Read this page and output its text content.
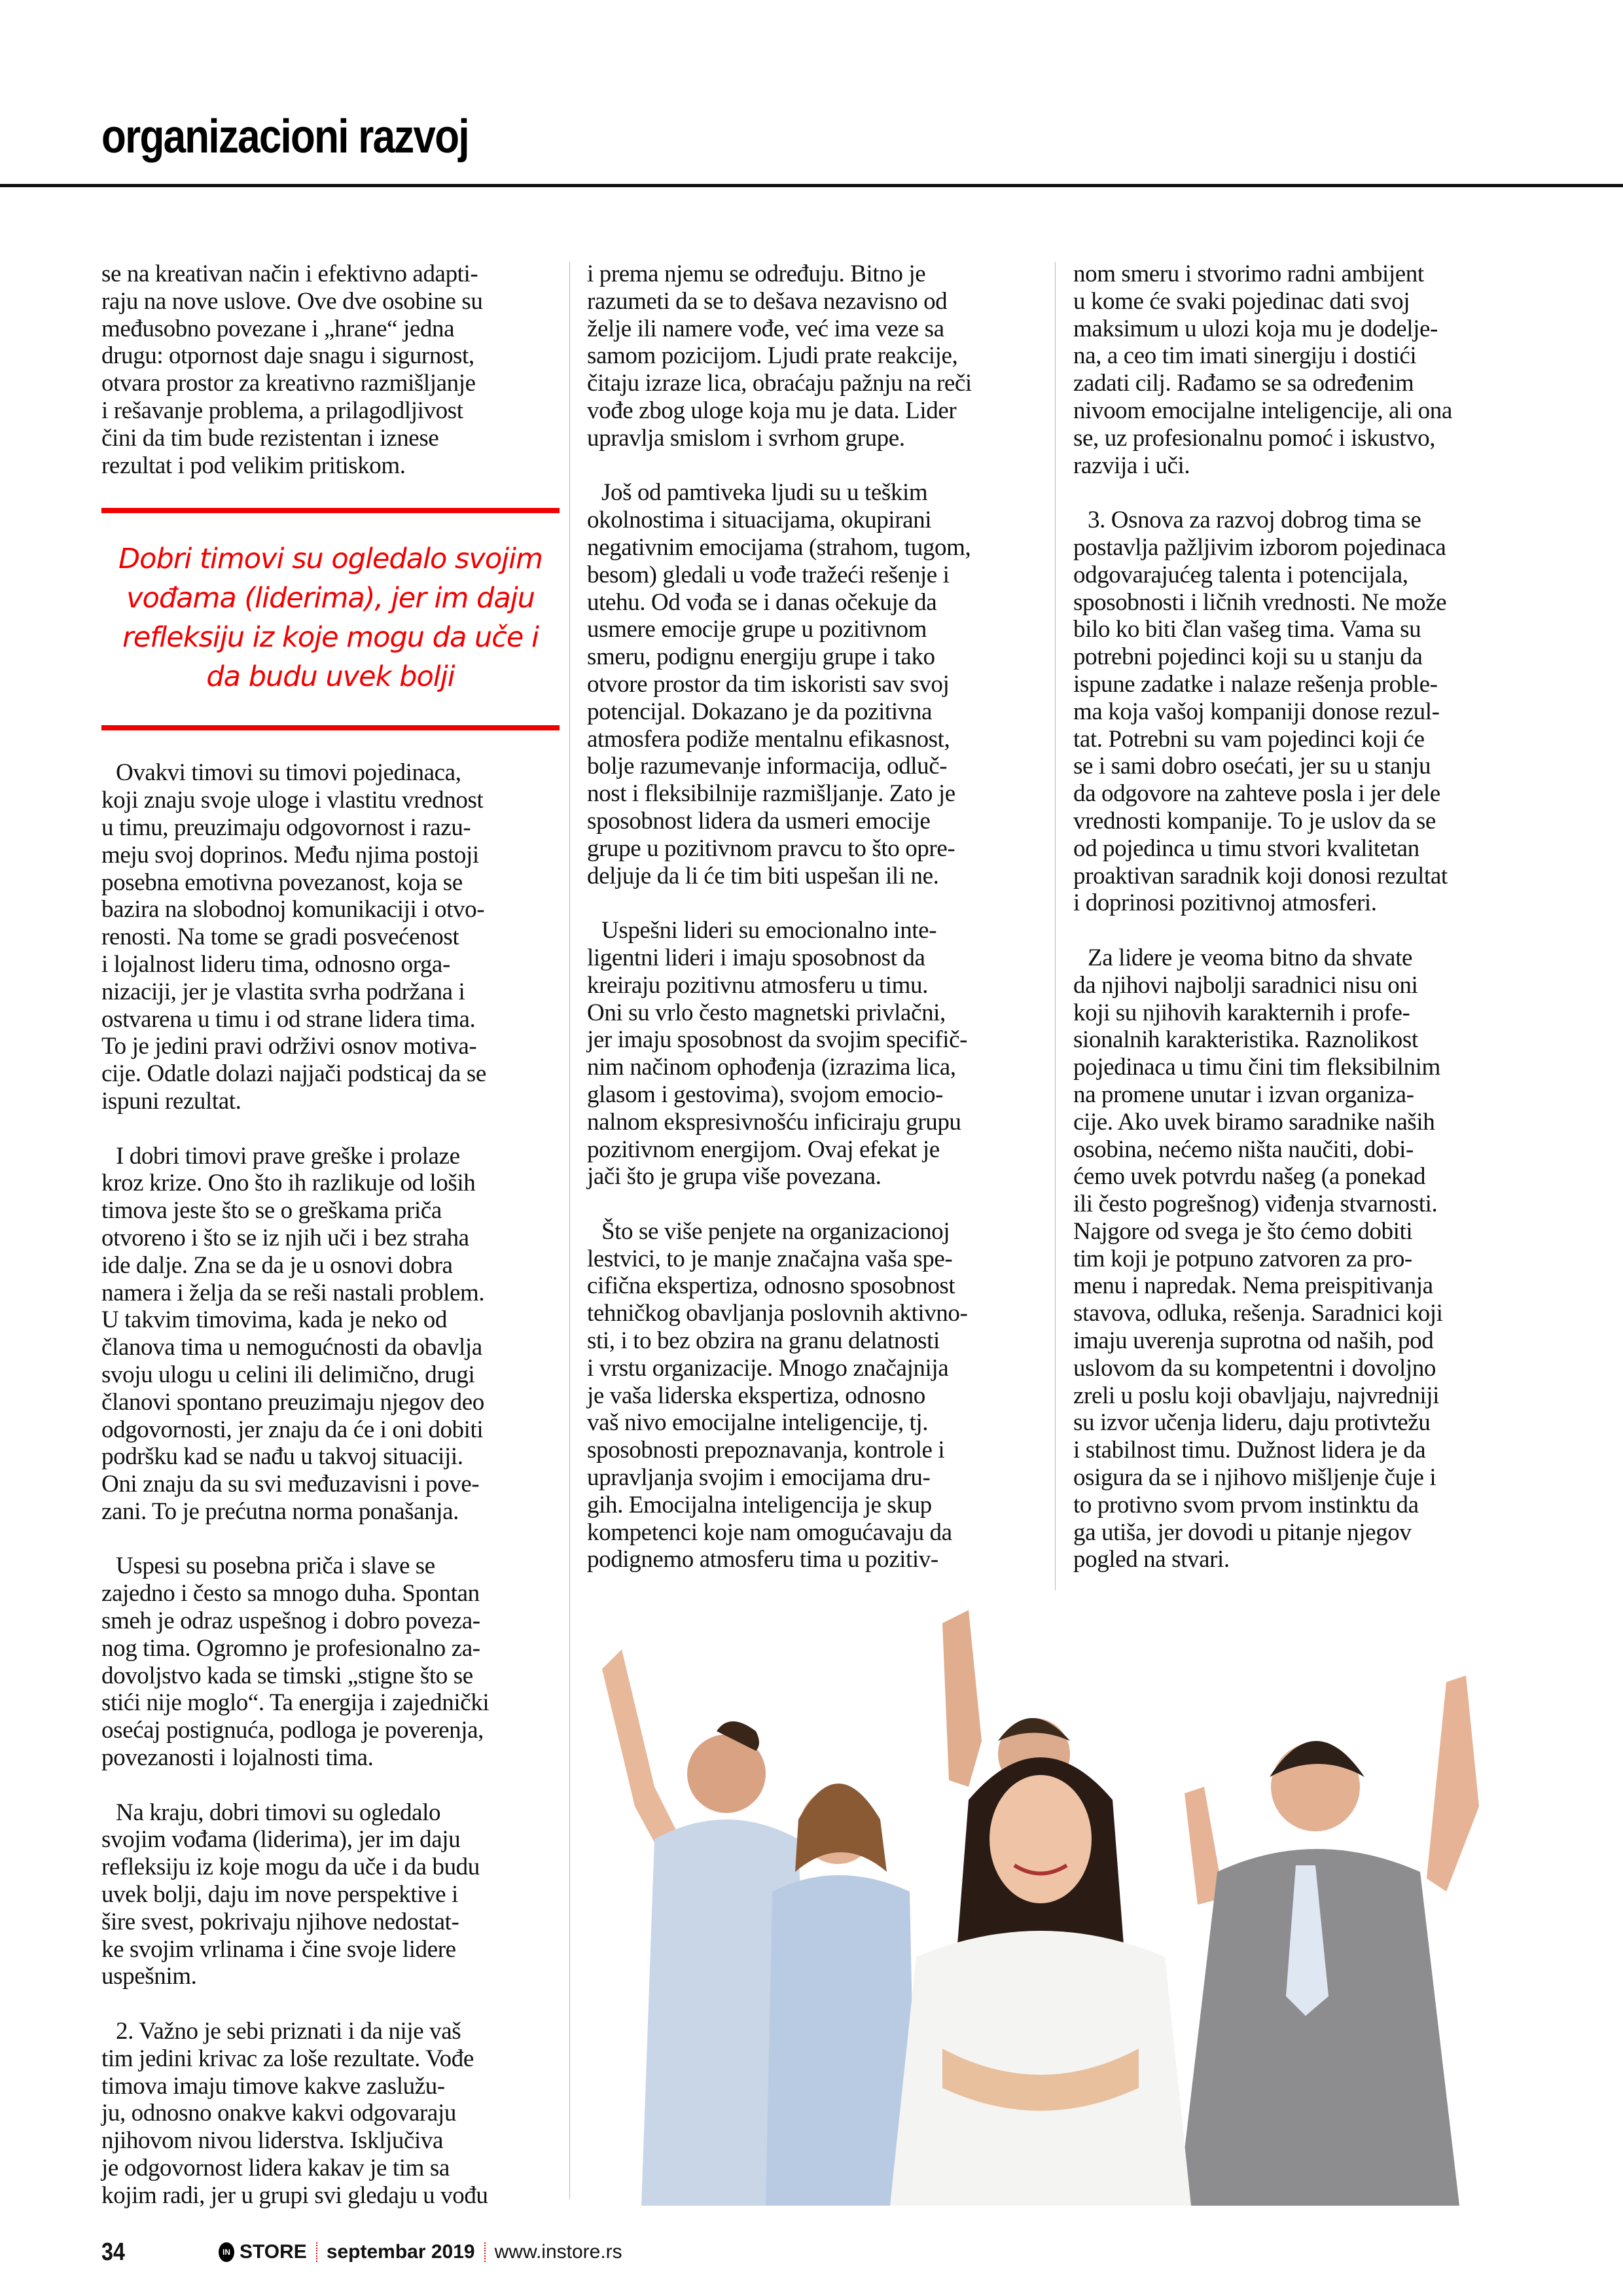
organizacioni razvoj
se na kreativan način i efektivno adapti-
raju na nove uslove. Ove dve osobine su
međusobno povezane i „hrane“ jedna
drugu: otpornost daje snagu i sigurnost,
otvara prostor za kreativno razmišljanje
i rešavanje problema, a prilagodljivost
čini da tim bude rezistentan i iznese
rezultat i pod velikim pritiskom.
Dobri timovi su ogledalo svojim
vođama (liderima), jer im daju
refleksiju iz koje mogu da uče i
da budu uvek bolji
Ovakvi timovi su timovi pojedinaca,
koji znaju svoje uloge i vlastitu vrednost
u timu, preuzimaju odgovornost i razu-
meju svoj doprinos. Među njima postoji
posebna emotivna povezanost, koja se
bazira na slobodnoj komunikaciji i otvo-
renosti. Na tome se gradi posvećenost
i lojalnost lideru tima, odnosno orga-
nizaciji, jer je vlastita svrha podržana i
ostvarena u timu i od strane lidera tima.
To je jedini pravi održivi osnov motiva-
cije. Odatle dolazi najjači podsticaj da se
ispuni rezultat.
I dobri timovi prave greške i prolaze
kroz krize. Ono što ih razlikuje od loših
timova jeste što se o greškama priča
otvoreno i što se iz njih uči i bez straha
ide dalje. Zna se da je u osnovi dobra
namera i želja da se reši nastali problem.
U takvim timovima, kada je neko od
članova tima u nemogućnosti da obavlja
svoju ulogu u celini ili delimično, drugi
članovi spontano preuzimaju njegov deo
odgovornosti, jer znaju da će i oni dobiti
podršku kad se nađu u takvoj situaciji.
Oni znaju da su svi međuzavisni i pove-
zani. To je prećutna norma ponašanja.
Uspesi su posebna priča i slave se
zajedno i često sa mnogo duha. Spontan
smeh je odraz uspešnog i dobro poveza-
nog tima. Ogromno je profesionalno za-
dovoljstvo kada se timski „stigne što se
stići nije moglo“. Ta energija i zajednički
osećaj postignuća, podloga je poverenja,
povezanosti i lojalnosti tima.
Na kraju, dobri timovi su ogledalo
svojim vođama (liderima), jer im daju
refleksiju iz koje mogu da uče i da budu
uvek bolji, daju im nove perspektive i
šire svest, pokrivaju njihove nedostat-
ke svojim vrlinama i čine svoje lidere
uspešnim.
2. Važno je sebi priznati i da nije vaš
tim jedini krivac za loše rezultate. Vođe
timova imaju timove kakve zaslužu-
ju, odnosno onakve kakvi odgovaraju
njihovom nivou liderstva. Isključiva
je odgovornost lidera kakav je tim sa
kojim radi, jer u grupi svi gledaju u vođu
i prema njemu se određuju. Bitno je
razumeti da se to dešava nezavisno od
želje ili namere vođe, već ima veze sa
samom pozicijom. Ljudi prate reakcije,
čitaju izraze lica, obraćaju pažnju na reči
vođe zbog uloge koja mu je data. Lider
upravlja smislom i svrhom grupe.
Još od pamtiveka ljudi su u teškim
okolnostima i situacijama, okupirani
negativnim emocijama (strahom, tugom,
besom) gledali u vođe tražeći rešenje i
utehu. Od vođa se i danas očekuje da
usmere emocije grupe u pozitivnom
smeru, podignu energiju grupe i tako
otvore prostor da tim iskoristi sav svoj
potencijal. Dokazano je da pozitivna
atmosfera podiže mentalnu efikasnost,
bolje razumevanje informacija, odluč-
nost i fleksibilnije razmišljanje. Zato je
sposobnost lidera da usmeri emocije
grupe u pozitivnom pravcu to što opre-
deljuje da li će tim biti uspešan ili ne.
Uspešni lideri su emocionalno inte-
ligentni lideri i imaju sposobnost da
kreiraju pozitivnu atmosferu u timu.
Oni su vrlo često magnetski privlačni,
jer imaju sposobnost da svojim specifič-
nim načinom ophođenja (izrazima lica,
glasom i gestovima), svojom emocio-
nalnom ekspresivnošću inficiraju grupu
pozitivnom energijom. Ovaj efekat je
jači što je grupa više povezana.
Što se više penjete na organizacionoj
lestvici, to je manje značajna vaša spe-
cifična ekspertiza, odnosno sposobnost
tehničkog obavljanja poslovnih aktivno-
sti, i to bez obzira na granu delatnosti
i vrstu organizacije. Mnogo značajnija
je vaša liderska ekspertiza, odnosno
vaš nivo emocijalne inteligencije, tj.
sposobnosti prepoznavanja, kontrole i
upravljanja svojim i emocijama dru-
gih. Emocijalna inteligencija je skup
kompetenci koje nam omogućavaju da
podignemo atmosferu tima u pozitiv-
nom smeru i stvorimo radni ambijent
u kome će svaki pojedinac dati svoj
maksimum u ulozi koja mu je dodelje-
na, a ceo tim imati sinergiju i dostići
zadati cilj. Rađamo se sa određenim
nivoom emocijalne inteligencije, ali ona
se, uz profesionalnu pomoć i iskustvo,
razvija i uči.
3. Osnova za razvoj dobrog tima se
postavlja pažljivim izborom pojedinaca
odgovarajućeg talenta i potencijala,
sposobnosti i ličnih vrednosti. Ne može
bilo ko biti član vašeg tima. Vama su
potrebni pojedinci koji su u stanju da
ispune zadatke i nalaze rešenja proble-
ma koja vašoj kompaniji donose rezul-
tat. Potrebni su vam pojedinci koji će
se i sami dobro osećati, jer su u stanju
da odgovore na zahteve posla i jer dele
vrednosti kompanije. To je uslov da se
od pojedinca u timu stvori kvalitetan
proaktivan saradnik koji donosi rezultat
i doprinosi pozitivnoj atmosferi.
Za lidere je veoma bitno da shvate
da njihovi najbolji saradnici nisu oni
koji su njihovih karakternih i profe-
sionalnih karakteristika. Raznolikost
pojedinaca u timu čini tim fleksibilnim
na promene unutar i izvan organiza-
cije. Ako uvek biramo saradnike naših
osobina, nećemo ništa naučiti, dobi-
ćemo uvek potvrdu našeg (a ponekad
ili često pogrešnog) viđenja stvarnosti.
Najgore od svega je što ćemo dobiti
tim koji je potpuno zatvoren za pro-
menu i napredak. Nema preispitivanja
stavova, odluka, rešenja. Saradnici koji
imaju uverenja suprotna od naših, pod
uslovom da su kompetentni i dovoljno
zreli u poslu koji obavljaju, najvredniji
su izvor učenja lideru, daju protivtežu
i stabilnost timu. Dužnost lidera je da
osigura da se i njihovo mišljenje čuje i
to protivno svom prvom instinktu da
ga utiša, jer dovodi u pitanje njegov
pogled na stvari.
34	IN STORE septembar 2019 www.instore.rs
